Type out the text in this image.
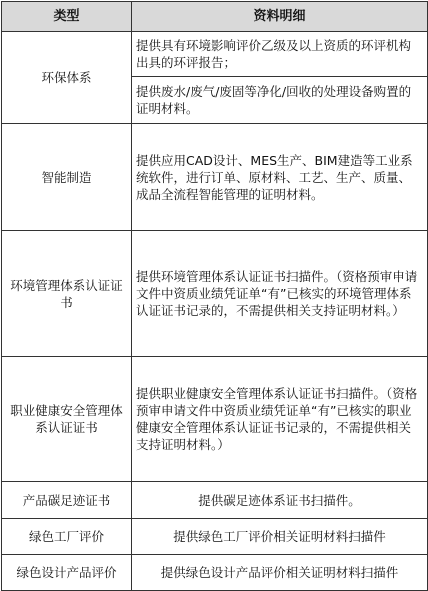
类型	资料明细
环保体系	提供具有环境影响评价乙级及以上资质的环评机构出具的环评报告；
提供废水/废气/废固等净化/回收的处理设备购置的证明材料。

智能制造	提供应用CAD设计、MES生产、BIM建造等工业系统软件，进行订单、原材料、工艺、生产、质量、成品全流程智能管理的证明材料。
环境管理体系认证证书	提供环境管理体系认证证书扫描件。（资格预审申请文件中资质业绩凭证单“有”已核实的环境管理体系认证证书记录的，不需提供相关支持证明材料。）
职业健康安全管理体系认证证书	提供职业健康安全管理体系认证证书扫描件。（资格预审申请文件中资质业绩凭证单“有”已核实的职业健康安全管理体系认证证书记录的，不需提供相关支持证明材料。）
产品碳足迹证书	提供碳足迹体系证书扫描件。
绿色工厂评价	提供绿色工厂评价相关证明材料扫描件
绿色设计产品评价	提供绿色设计产品评价相关证明材料扫描件
